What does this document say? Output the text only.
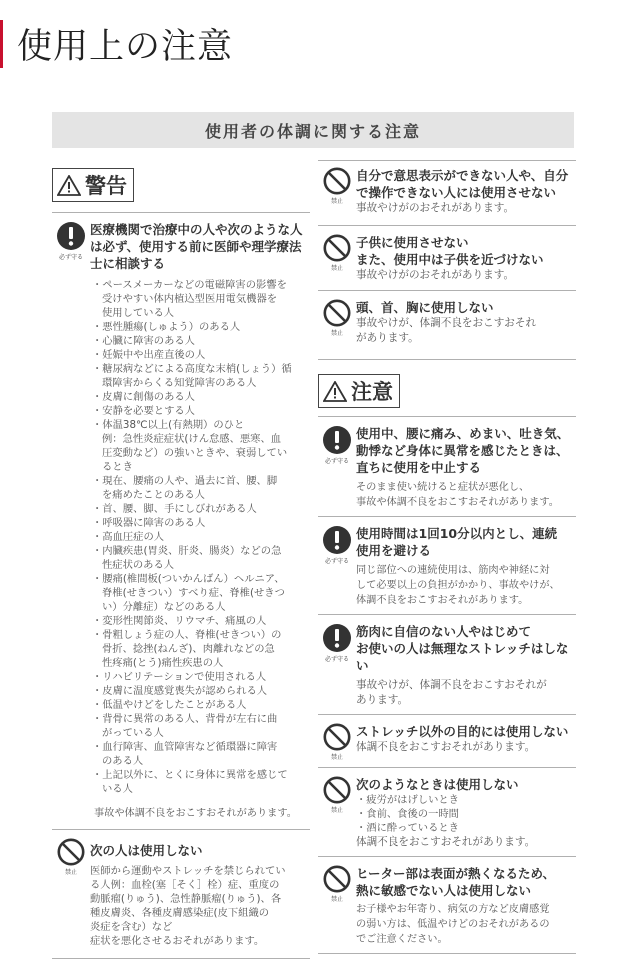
使用上の注意
使用者の体調に関する注意
警告
必ず守る
医療機関で治療中の人や次のような人
は必ず、使用する前に医師や理学療法
士に相談する
・ ペースメーカーなどの電磁障害の影響を
受けやすい体内植込型医用電気機器を
使用している人
・ 悪性腫瘍(しゅよう）のある人
・ 心臓に障害のある人
・ 妊娠中や出産直後の人
・ 糖尿病などによる高度な末梢(しょう）循
環障害からくる知覚障害のある人
・ 皮膚に創傷のある人
・ 安静を必要とする人
・ 体温38℃以上(有熱期）のひと
例：急性炎症症状(けん怠感、悪寒、血
圧変動など）の強いときや、衰弱してい
るとき
・ 現在、腰痛の人や、過去に首、腰、脚
を痛めたことのある人
・ 首、腰、脚、手にしびれがある人
・ 呼吸器に障害のある人
・ 高血圧症の人
・ 内臓疾患(胃炎、肝炎、腸炎）などの急
性症状のある人
・ 腰痛(椎間板(ついかんばん）ヘルニア、
脊椎(せきつい）すべり症、脊椎(せきつ
い）分離症）などのある人
・ 変形性関節炎、リウマチ、痛風の人
・ 骨粗しょう症の人、脊椎(せきつい）の
骨折、捻挫(ねんざ)、肉離れなどの急
性疼痛(とう)痛性疾患の人
・ リハビリテーションで使用される人
・ 皮膚に温度感覚喪失が認められる人
・ 低温やけどをしたことがある人
・ 背骨に異常のある人、背骨が左右に曲
がっている人
・ 血行障害、血管障害など循環器に障害
のある人
・ 上記以外に、とくに身体に異常を感じて
いる人
事故や体調不良をおこすおそれがあります。
禁止
次の人は使用しない
医師から運動やストレッチを禁じられてい
る人例：血栓(塞［そく］栓）症、重度の
動脈瘤(りゅう)、急性静脈瘤(りゅう)、各
種皮膚炎、各種皮膚感染症(皮下組織の
炎症を含む）など
症状を悪化させるおそれがあります。
禁止
自分で意思表示ができない人や、自分
で操作できない人には使用させない
事故やけがのおそれがあります。
禁止
子供に使用させない
また、使用中は子供を近づけない
事故やけがのおそれがあります。
禁止
頭、首、胸に使用しない
事故やけが、体調不良をおこすおそれ
があります。
注意
必ず守る
使用中、腰に痛み、めまい、吐き気、
動悸など身体に異常を感じたときは、
直ちに使用を中止する
そのまま使い続けると症状が悪化し、
事故や体調不良をおこすおそれがあります。
必ず守る
使用時間は1回10分以内とし、連続
使用を避ける
同じ部位への連続使用は、筋肉や神経に対
して必要以上の負担がかかり、事故やけが、
体調不良をおこすおそれがあります。
必ず守る
筋肉に自信のない人やはじめて
お使いの人は無理なストレッチはしない
事故やけが、体調不良をおこすおそれが
あります。
禁止
ストレッチ以外の目的には使用しない
体調不良をおこすおそれがあります。
禁止
次のようなときは使用しない
・ 疲労がはげしいとき
・ 食前、食後の一時間
・ 酒に酔っているとき
体調不良をおこすおそれがあります。
禁止
ヒーター部は表面が熱くなるため、
熱に敏感でない人は使用しない
お子様やお年寄り、病気の方など皮膚感覚
の弱い方は、低温やけどのおそれがあるの
でご注意ください。
